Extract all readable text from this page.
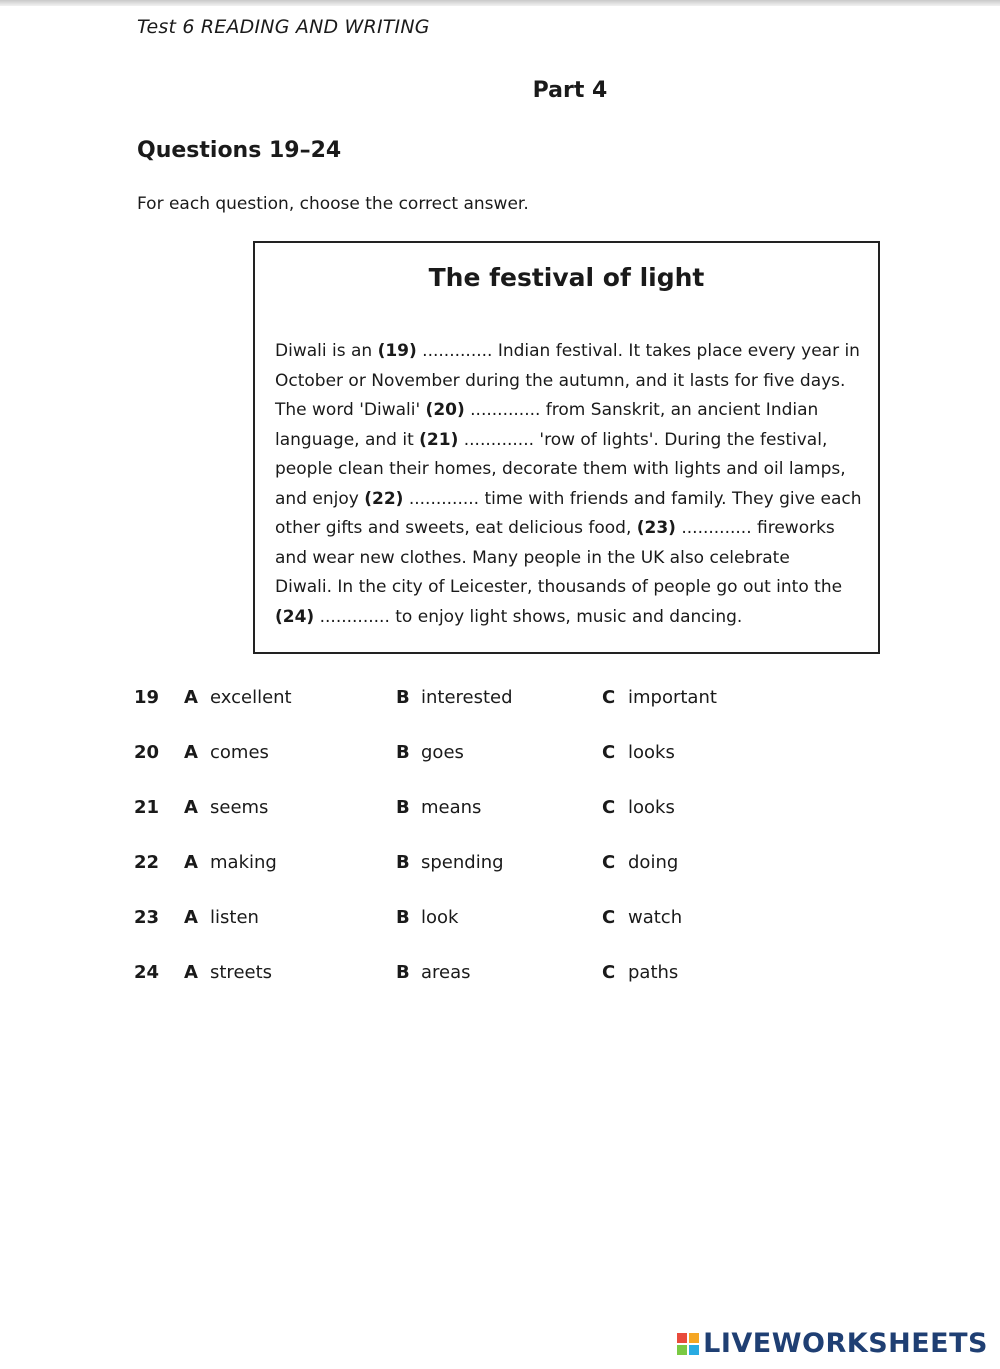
Test 6 READING AND WRITING
Part 4
Questions 19–24
For each question, choose the correct answer.
The festival of light
Diwali is an (19) ............. Indian festival. It takes place every year in
October or November during the autumn, and it lasts for five days.
The word 'Diwali' (20) ............. from Sanskrit, an ancient Indian
language, and it (21) ............. 'row of lights'. During the festival,
people clean their homes, decorate them with lights and oil lamps,
and enjoy (22) ............. time with friends and family. They give each
other gifts and sweets, eat delicious food, (23) ............. fireworks
and wear new clothes. Many people in the UK also celebrate
Diwali. In the city of Leicester, thousands of people go out into the
(24) ............. to enjoy light shows, music and dancing.
19 A excellent	B interested	C important
20 A comes	B goes	C looks
21 A seems	B means	C looks
22 A making	B spending	C doing
23 A listen	B look	C watch
24 A streets	B areas	C paths
LIVEWORKSHEETS
